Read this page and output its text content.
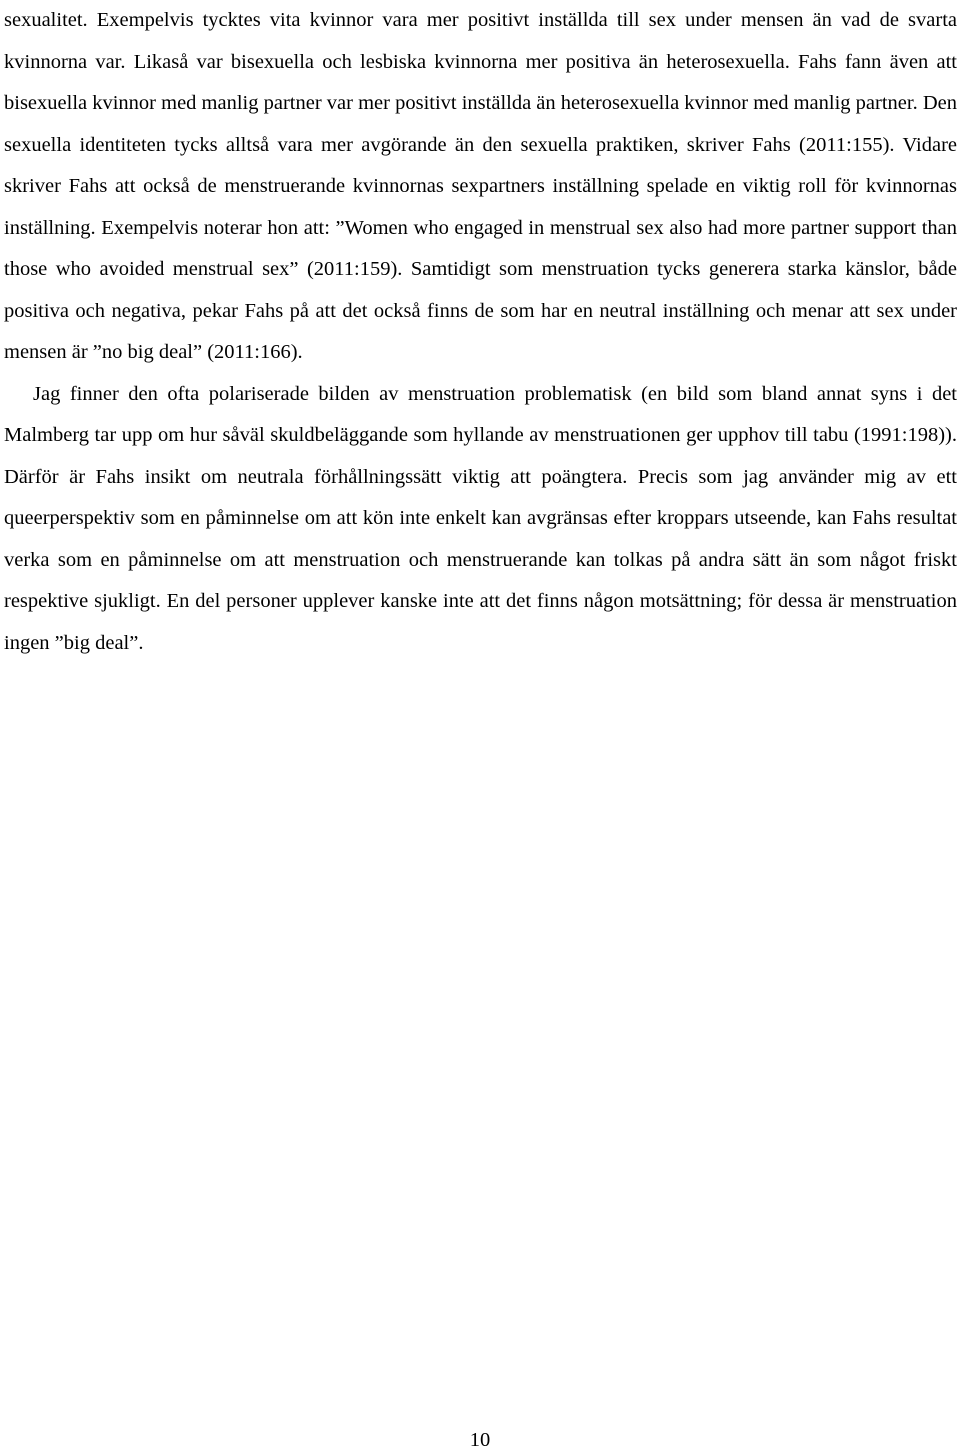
sexualitet. Exempelvis tycktes vita kvinnor vara mer positivt inställda till sex under mensen än vad de svarta kvinnorna var. Likaså var bisexuella och lesbiska kvinnorna mer positiva än heterosexuella. Fahs fann även att bisexuella kvinnor med manlig partner var mer positivt inställda än heterosexuella kvinnor med manlig partner. Den sexuella identiteten tycks alltså vara mer avgörande än den sexuella praktiken, skriver Fahs (2011:155). Vidare skriver Fahs att också de menstruerande kvinnornas sexpartners inställning spelade en viktig roll för kvinnornas inställning. Exempelvis noterar hon att: ”Women who engaged in menstrual sex also had more partner support than those who avoided menstrual sex” (2011:159). Samtidigt som menstruation tycks generera starka känslor, både positiva och negativa, pekar Fahs på att det också finns de som har en neutral inställning och menar att sex under mensen är ”no big deal” (2011:166).

Jag finner den ofta polariserade bilden av menstruation problematisk (en bild som bland annat syns i det Malmberg tar upp om hur såväl skuldbeläggande som hyllande av menstruationen ger upphov till tabu (1991:198)). Därför är Fahs insikt om neutrala förhållningssätt viktig att poängtera. Precis som jag använder mig av ett queerperspektiv som en påminnelse om att kön inte enkelt kan avgränsas efter kroppars utseende, kan Fahs resultat verka som en påminnelse om att menstruation och menstruerande kan tolkas på andra sätt än som något friskt respektive sjukligt. En del personer upplever kanske inte att det finns någon motsättning; för dessa är menstruation ingen ”big deal”.

10
